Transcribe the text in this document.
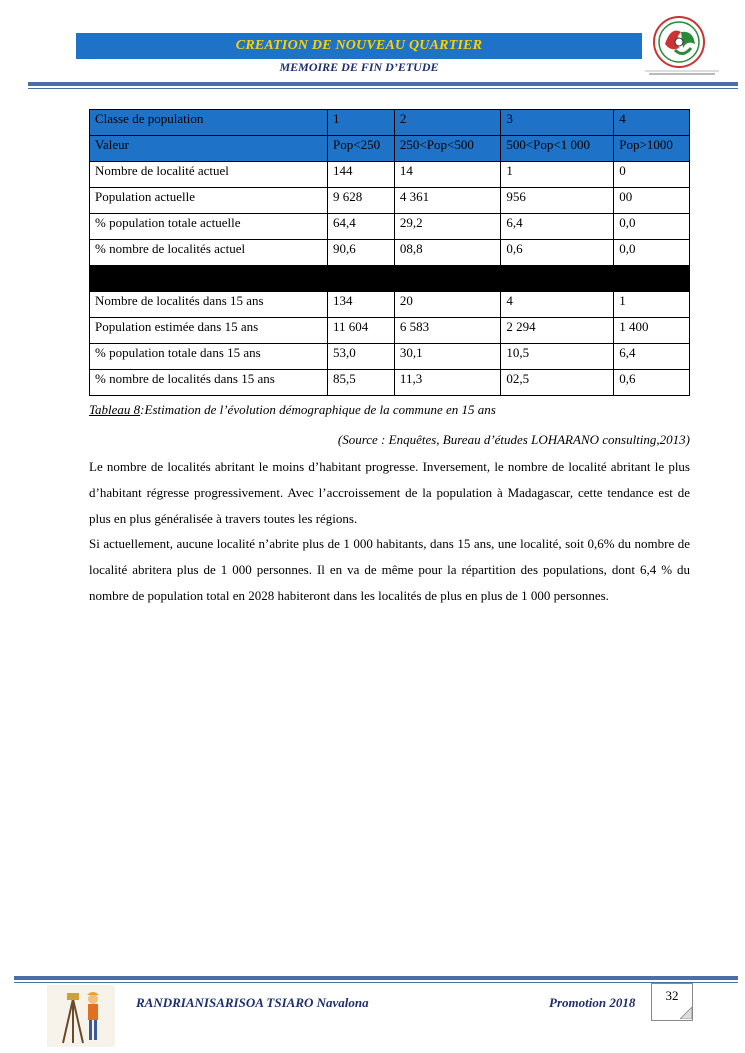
CREATION DE NOUVEAU QUARTIER
MEMOIRE DE FIN D’ETUDE
Classe de population	1	2	3	4
Valeur	Pop<250	250<Pop<500	500<Pop<1 000	Pop>1000
Nombre de localité actuel	144	14	1	0
Population actuelle	9 628	4 361	956	00
% population totale actuelle	64,4	29,2	6,4	0,0
% nombre de localités actuel	90,6	08,8	0,6	0,0

Nombre de localités dans 15 ans	134	20	4	1
Population estimée dans 15 ans	11 604	6 583	2 294	1 400
% population totale dans 15 ans	53,0	30,1	10,5	6,4
% nombre de localités dans 15 ans	85,5	11,3	02,5	0,6
Tableau 8:Estimation de l’évolution démographique de la commune en 15 ans
(Source : Enquêtes, Bureau d’études LOHARANO consulting,2013)

Le nombre de localités abritant le moins d’habitant progresse. Inversement, le nombre de localité abritant le plus d’habitant régresse progressivement. Avec l’accroissement de la population à Madagascar, cette tendance est de plus en plus généralisée à travers toutes les régions.

Si actuellement, aucune localité n’abrite plus de 1 000 habitants, dans 15 ans, une localité, soit 0,6% du nombre de localité abritera plus de 1 000 personnes. Il en va de même pour la répartition des populations, dont 6,4 % du nombre de population total en 2028 habiteront dans les localités de plus en plus de 1 000 personnes.

RANDRIANISARISOA TSIARO Navalona	Promotion 2018	32
